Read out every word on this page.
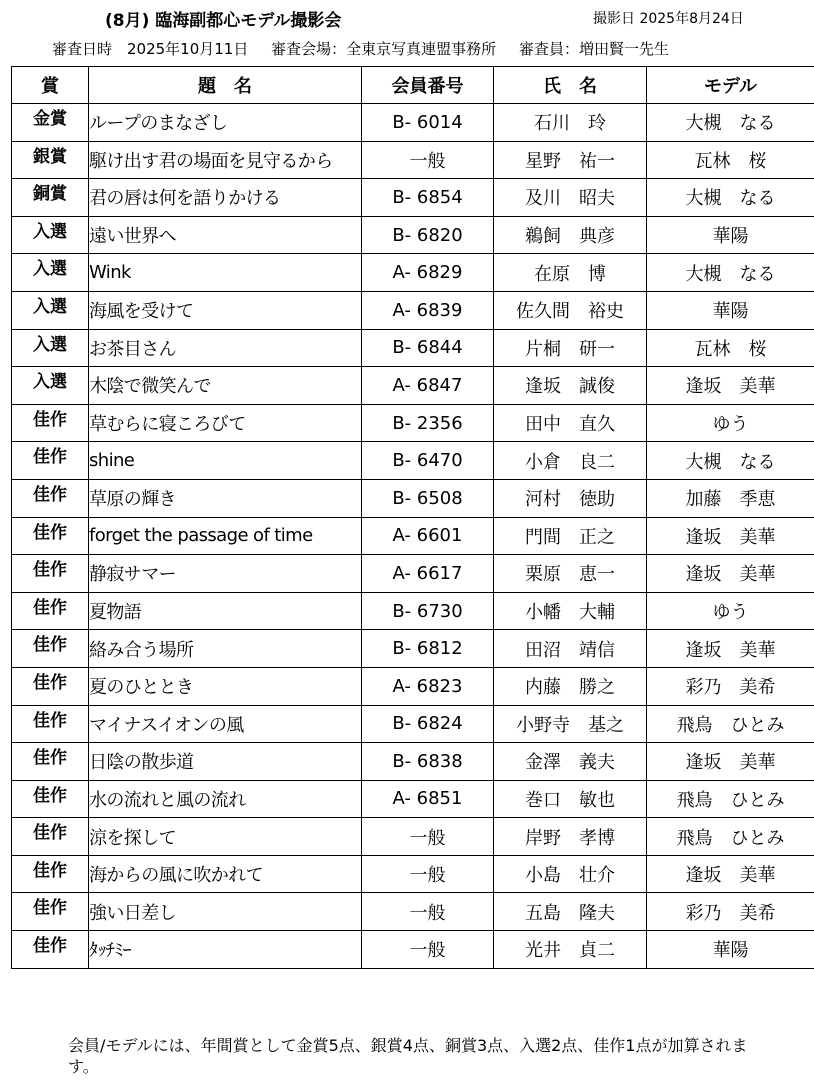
(8月) 臨海副都心モデル撮影会	撮影日 2025年8月24日
審査日時　2025年10月11日 審査会場：全東京写真連盟事務所 審査員：増田賢一先生
賞	題　名	会員番号	氏　名	モデル
金賞	ループのまなざし	B- 6014	石川　玲	大槻　なる
銀賞	駆け出す君の場面を見守るから	一般	星野　祐一	瓦林　桜
銅賞	君の唇は何を語りかける	B- 6854	及川　昭夫	大槻　なる
入選	遠い世界へ	B- 6820	鵜飼　典彦	華陽
入選	Wink	A- 6829	在原　博	大槻　なる
入選	海風を受けて	A- 6839	佐久間　裕史	華陽
入選	お茶目さん	B- 6844	片桐　研一	瓦林　桜
入選	木陰で微笑んで	A- 6847	逢坂　誠俊	逢坂　美華
佳作	草むらに寝ころびて	B- 2356	田中　直久	ゆう
佳作	shine	B- 6470	小倉　良二	大槻　なる
佳作	草原の輝き	B- 6508	河村　徳助	加藤　季恵
佳作	forget the passage of time	A- 6601	門間　正之	逢坂　美華
佳作	静寂サマー	A- 6617	栗原　恵一	逢坂　美華
佳作	夏物語	B- 6730	小幡　大輔	ゆう
佳作	絡み合う場所	B- 6812	田沼　靖信	逢坂　美華
佳作	夏のひととき	A- 6823	内藤　勝之	彩乃　美希
佳作	マイナスイオンの風	B- 6824	小野寺　基之	飛鳥　ひとみ
佳作	日陰の散歩道	B- 6838	金澤　義夫	逢坂　美華
佳作	水の流れと風の流れ	A- 6851	巻口　敏也	飛鳥　ひとみ
佳作	涼を探して	一般	岸野　孝博	飛鳥　ひとみ
佳作	海からの風に吹かれて	一般	小島　壮介	逢坂　美華
佳作	強い日差し	一般	五島　隆夫	彩乃　美希
佳作	ﾀｯﾁﾐｰ	一般	光井　貞二	華陽
会員/モデルには、年間賞として金賞5点、銀賞4点、銅賞3点、入選2点、佳作1点が加算されます。
